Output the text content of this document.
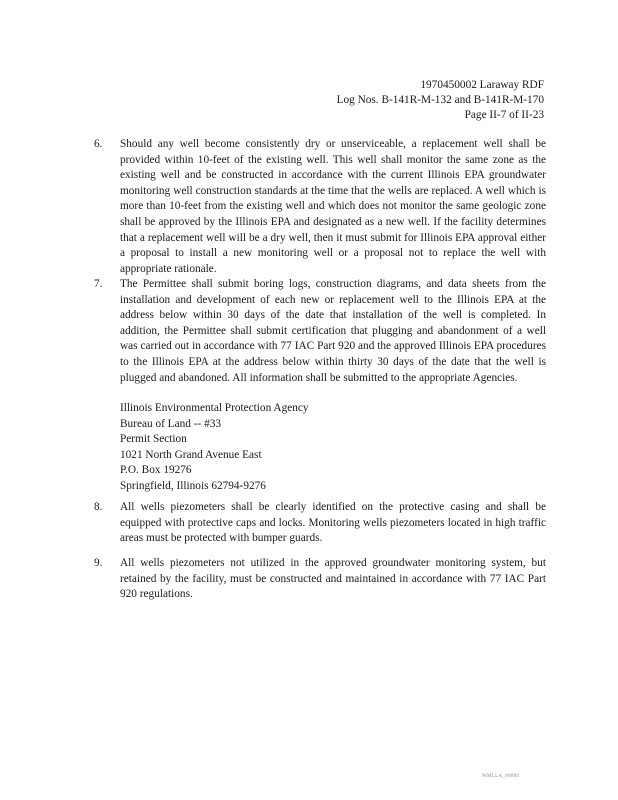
1970450002 Laraway RDF
Log Nos. B-141R-M-132 and B-141R-M-170
Page II-7 of II-23
6.	Should any well become consistently dry or unserviceable, a replacement well shall be provided within 10-feet of the existing well. This well shall monitor the same zone as the existing well and be constructed in accordance with the current Illinois EPA groundwater monitoring well construction standards at the time that the wells are replaced. A well which is more than 10-feet from the existing well and which does not monitor the same geologic zone shall be approved by the Illinois EPA and designated as a new well. If the facility determines that a replacement well will be a dry well, then it must submit for Illinois EPA approval either a proposal to install a new monitoring well or a proposal not to replace the well with appropriate rationale.
7.	The Permittee shall submit boring logs, construction diagrams, and data sheets from the installation and development of each new or replacement well to the Illinois EPA at the address below within 30 days of the date that installation of the well is completed. In addition, the Permittee shall submit certification that plugging and abandonment of a well was carried out in accordance with 77 IAC Part 920 and the approved Illinois EPA procedures to the Illinois EPA at the address below within thirty 30 days of the date that the well is plugged and abandoned. All information shall be submitted to the appropriate Agencies.
Illinois Environmental Protection Agency
Bureau of Land -- #33
Permit Section
1021 North Grand Avenue East
P.O. Box 19276
Springfield, Illinois 62794-9276
8.	All wells piezometers shall be clearly identified on the protective casing and shall be equipped with protective caps and locks. Monitoring wells piezometers located in high traffic areas must be protected with bumper guards.
9.	All wells piezometers not utilized in the approved groundwater monitoring system, but retained by the facility, must be constructed and maintained in accordance with 77 IAC Part 920 regulations.
WMLLA_00000
